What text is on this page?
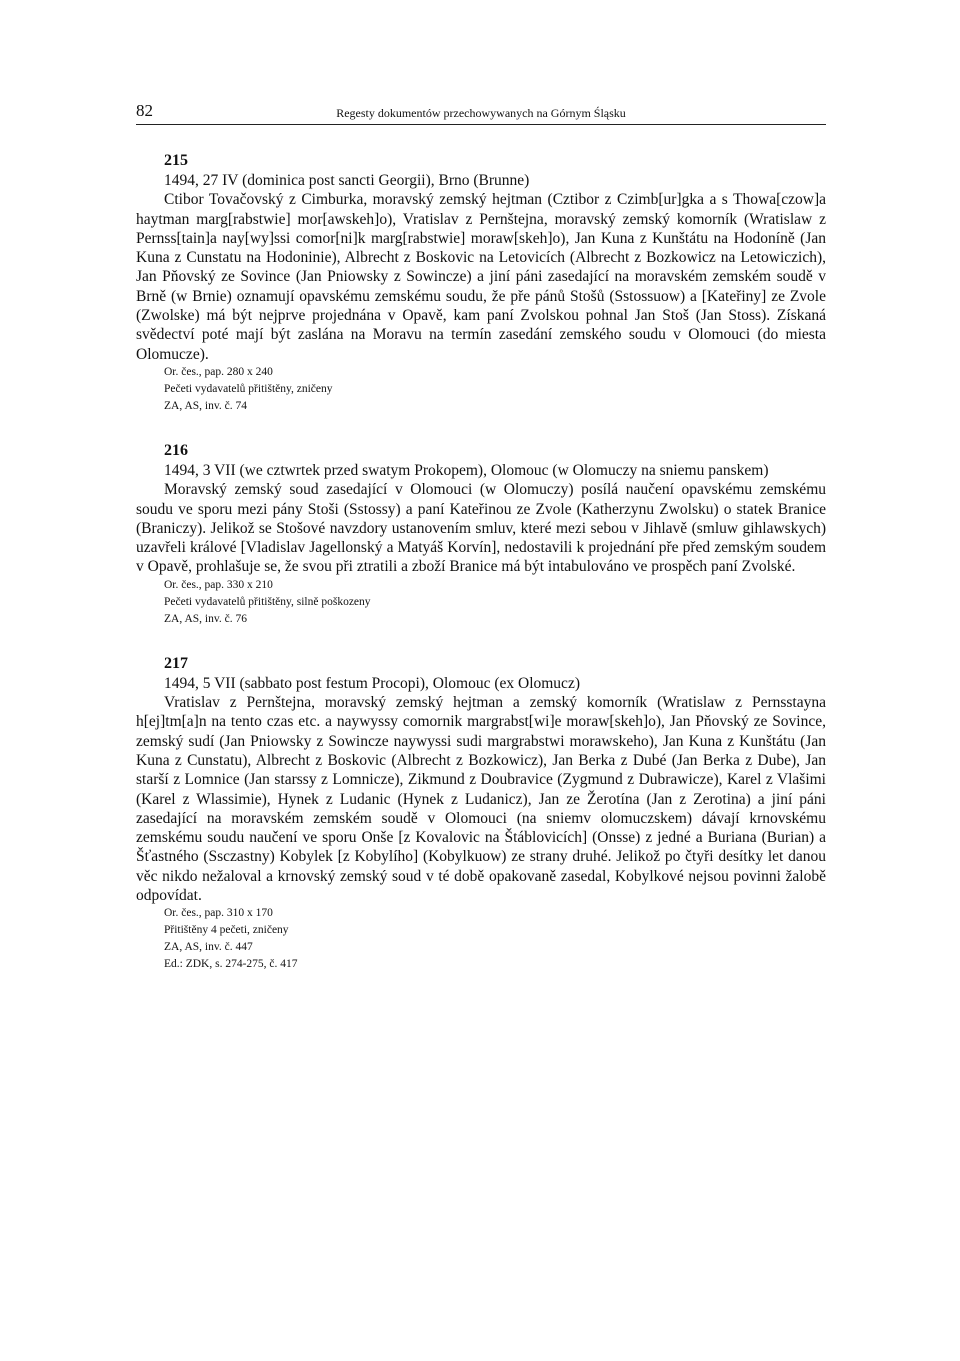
82	Regesty dokumentów przechowywanych na Górnym Śląsku
215

1494, 27 IV (dominica post sancti Georgii), Brno (Brunne)

Ctibor Tovačovský z Cimburka, moravský zemský hejtman (Cztibor z Czimb[ur]gka a s Thowa[czow]a haytman marg[rabstwie] mor[awskeh]o), Vratislav z Pernštejna, moravský zemský komorník (Wratislaw z Pernss[tain]a nay[wy]ssi comor[ni]k marg[rabstwie] moraw[skeh]o), Jan Kuna z Kunštátu na Hodoníně (Jan Kuna z Cunstatu na Hodoninie), Albrecht z Boskovic na Letovicích (Albrecht z Bozkowicz na Letowiczich), Jan Pňovský ze Sovince (Jan Pniowsky z Sowincze) a jiní páni zasedající na moravském zemském soudě v Brně (w Brnie) oznamují opavskému zemskému soudu, že pře pánů Stošů (Sstossuow) a [Kateřiny] ze Zvole (Zwolske) má být nejprve projednána v Opavě, kam paní Zvolskou pohnal Jan Stoš (Jan Stoss). Získaná svědectví poté mají být zaslána na Moravu na termín zasedání zemského soudu v Olomouci (do miesta Olomucze).

Or. čes., pap. 280 x 240
Pečeti vydavatelů přitištěny, zničeny
ZA, AS, inv. č. 74
216

1494, 3 VII (we cztwrtek przed swatym Prokopem), Olomouc (w Olomuczy na sniemu panskem)

Moravský zemský soud zasedající v Olomouci (w Olomuczy) posílá naučení opavskému zemskému soudu ve sporu mezi pány Stoši (Sstossy) a paní Kateřinou ze Zvole (Katherzynu Zwolsku) o statek Branice (Braniczy). Jelikož se Stošové navzdory ustanovením smluv, které mezi sebou v Jihlavě (smluw gihlawskych) uzavřeli králové [Vladislav Jagellonský a Matyáš Korvín], nedostavili k projednání pře před zemským soudem v Opavě, prohlašuje se, že svou při ztratili a zboží Branice má být intabulováno ve prospěch paní Zvolské.

Or. čes., pap. 330 x 210
Pečeti vydavatelů přitištěny, silně poškozeny
ZA, AS, inv. č. 76
217

1494, 5 VII (sabbato post festum Procopi), Olomouc (ex Olomucz)

Vratislav z Pernštejna, moravský zemský hejtman a zemský komorník (Wratislaw z Pernsstayna h[ej]tm[a]n na tento czas etc. a naywyssy comornik margrabst[wi]e moraw[skeh]o), Jan Pňovský ze Sovince, zemský sudí (Jan Pniowsky z Sowincze naywyssi sudi margrabstwi morawskeho), Jan Kuna z Kunštátu (Jan Kuna z Cunstatu), Albrecht z Boskovic (Albrecht z Bozkowicz), Jan Berka z Dubé (Jan Berka z Dube), Jan starší z Lomnice (Jan starssy z Lomnicze), Zikmund z Doubravice (Zygmund z Dubrawicze), Karel z Vlašimi (Karel z Wlassimie), Hynek z Ludanic (Hynek z Ludanicz), Jan ze Žerotína (Jan z Zerotina) a jiní páni zasedající na moravském zemském soudě v Olomouci (na sniemv olomuczskem) dávají krnovskému zemskému soudu naučení ve sporu Onše [z Kovalovic na Štáblovicích] (Onsse) z jedné a Buriana (Burian) a Šťastného (Ssczastny) Kobylek [z Kobylího] (Kobylkuow) ze strany druhé. Jelikož po čtyři desítky let danou věc nikdo nežaloval a krnovský zemský soud v té době opakovaně zasedal, Kobylkové nejsou povinni žalobě odpovídat.

Or. čes., pap. 310 x 170
Přitištěny 4 pečeti, zničeny
ZA, AS, inv. č. 447
Ed.: ZDK, s. 274-275, č. 417
